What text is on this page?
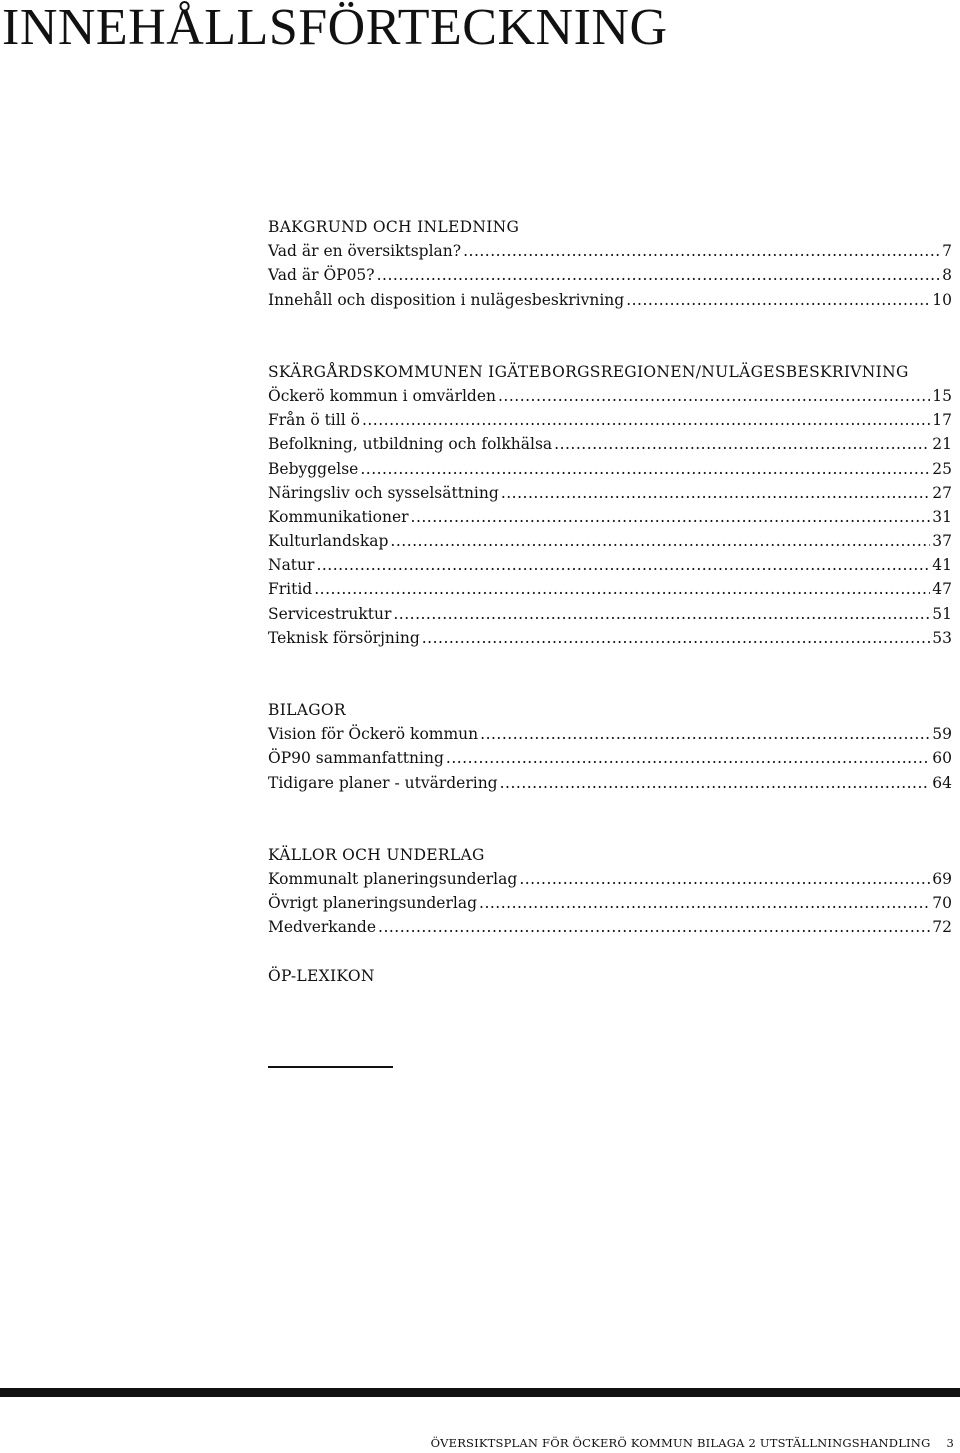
INNEHÅLLSFÖRTECKNING
BAKGRUND OCH INLEDNING
Vad är en översiktsplan? .....	7
Vad är ÖP05? .....	8
Innehåll och disposition i nulägesbeskrivning .....	10
SKÄRGÅRDSKOMMUNEN IGÄTEBORGSREGIONEN/NULÄGESBESKRIVNING
Öckerö kommun i omvärlden .....	15
Från ö till ö .....	17
Befolkning, utbildning och folkhälsa .....	21
Bebyggelse .....	25
Näringsliv och sysselsättning .....	27
Kommunikationer .....	31
Kulturlandskap .....	37
Natur .....	41
Fritid .....	47
Servicestruktur .....	51
Teknisk försörjning .....	53
BILAGOR
Vision för Öckerö kommun .....	59
ÖP90 sammanfattning .....	60
Tidigare planer - utvärdering .....	64
KÄLLOR OCH UNDERLAG
Kommunalt planeringsunderlag .....	69
Övrigt planeringsunderlag .....	70
Medverkande .....	72
ÖP-LEXIKON
ÖVERSIKTSPLAN FÖR ÖCKERÖ KOMMUN BILAGA 2 UTSTÄLLNINGSHANDLING 3
